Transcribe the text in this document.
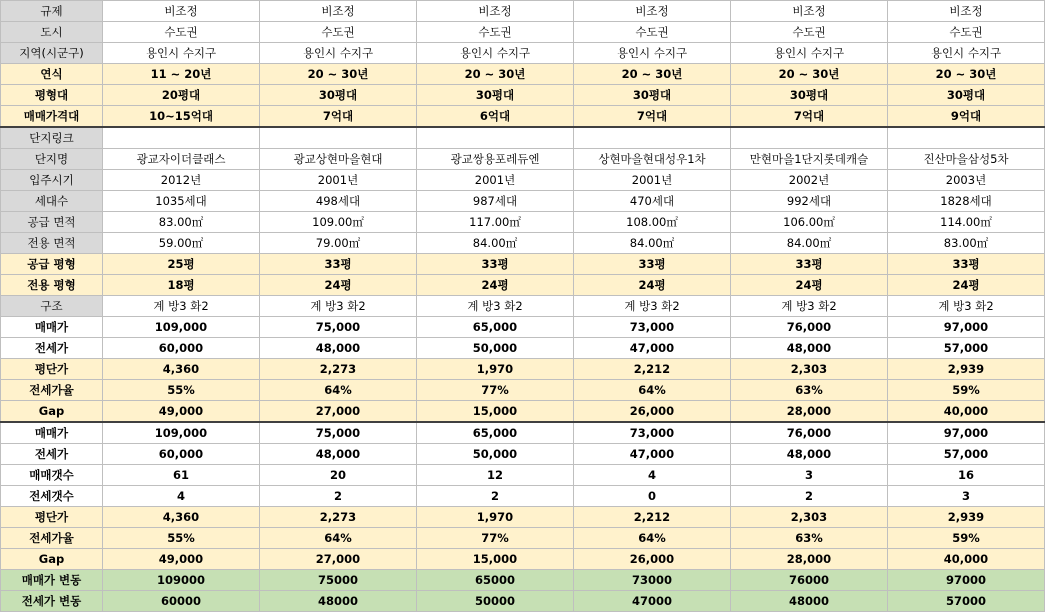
규제	비조정	비조정	비조정	비조정	비조정	비조정
도시	수도권	수도권	수도권	수도권	수도권	수도권
지역(시군구)	용인시 수지구	용인시 수지구	용인시 수지구	용인시 수지구	용인시 수지구	용인시 수지구
연식	11 ~ 20년	20 ~ 30년	20 ~ 30년	20 ~ 30년	20 ~ 30년	20 ~ 30년
평형대	20평대	30평대	30평대	30평대	30평대	30평대
매매가격대	10~15억대	7억대	6억대	7억대	7억대	9억대
단지링크						
단지명	광교자이더클래스	광교상현마을현대	광교쌍용포레듀엔	상현마을현대성우1차	만현마을1단지롯데캐슬	진산마을삼성5차
입주시기	2012년	2001년	2001년	2001년	2002년	2003년
세대수	1035세대	498세대	987세대	470세대	992세대	1828세대
공급 면적	83.00㎡	109.00㎡	117.00㎡	108.00㎡	106.00㎡	114.00㎡
전용 면적	59.00㎡	79.00㎡	84.00㎡	84.00㎡	84.00㎡	83.00㎡
공급 평형	25평	33평	33평	33평	33평	33평
전용 평형	18평	24평	24평	24평	24평	24평
구조	계 방3 화2	계 방3 화2	계 방3 화2	계 방3 화2	계 방3 화2	계 방3 화2
매매가	109,000	75,000	65,000	73,000	76,000	97,000
전세가	60,000	48,000	50,000	47,000	48,000	57,000
평단가	4,360	2,273	1,970	2,212	2,303	2,939
전세가율	55%	64%	77%	64%	63%	59%
Gap	49,000	27,000	15,000	26,000	28,000	40,000
매매가	109,000	75,000	65,000	73,000	76,000	97,000
전세가	60,000	48,000	50,000	47,000	48,000	57,000
매매갯수	61	20	12	4	3	16
전세갯수	4	2	2	0	2	3
평단가	4,360	2,273	1,970	2,212	2,303	2,939
전세가율	55%	64%	77%	64%	63%	59%
Gap	49,000	27,000	15,000	26,000	28,000	40,000
매매가 변동	109000	75000	65000	73000	76000	97000
전세가 변동	60000	48000	50000	47000	48000	57000
